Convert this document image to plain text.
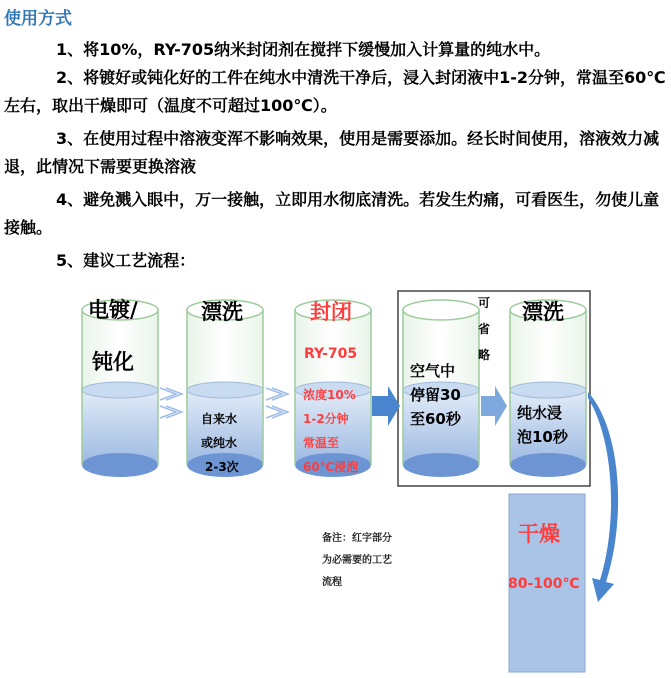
使用方式
1、将10%，RY-705纳米封闭剂在搅拌下缓慢加入计算量的纯水中。
2、将镀好或钝化好的工件在纯水中清洗干净后，浸入封闭液中1-2分钟，常温至60℃左右，取出干燥即可（温度不可超过100℃）。
3、在使用过程中溶液变浑不影响效果，使用是需要添加。经长时间使用，溶液效力减退，此情况下需要更换溶液
4、避免溅入眼中，万一接触，立即用水彻底清洗。若发生灼痛，可看医生，勿使儿童接触。
5、建议工艺流程：
电镀/
钝化
漂洗
自来水
或纯水
2-3次
封闭
RY-705
浓度10%
1-2分钟
常温至
60℃浸泡
空气中
停留30
至60秒
可
省
略
漂洗
纯水浸
泡10秒
干燥
80-100℃
备注：红字部分
为必需要的工艺
流程
